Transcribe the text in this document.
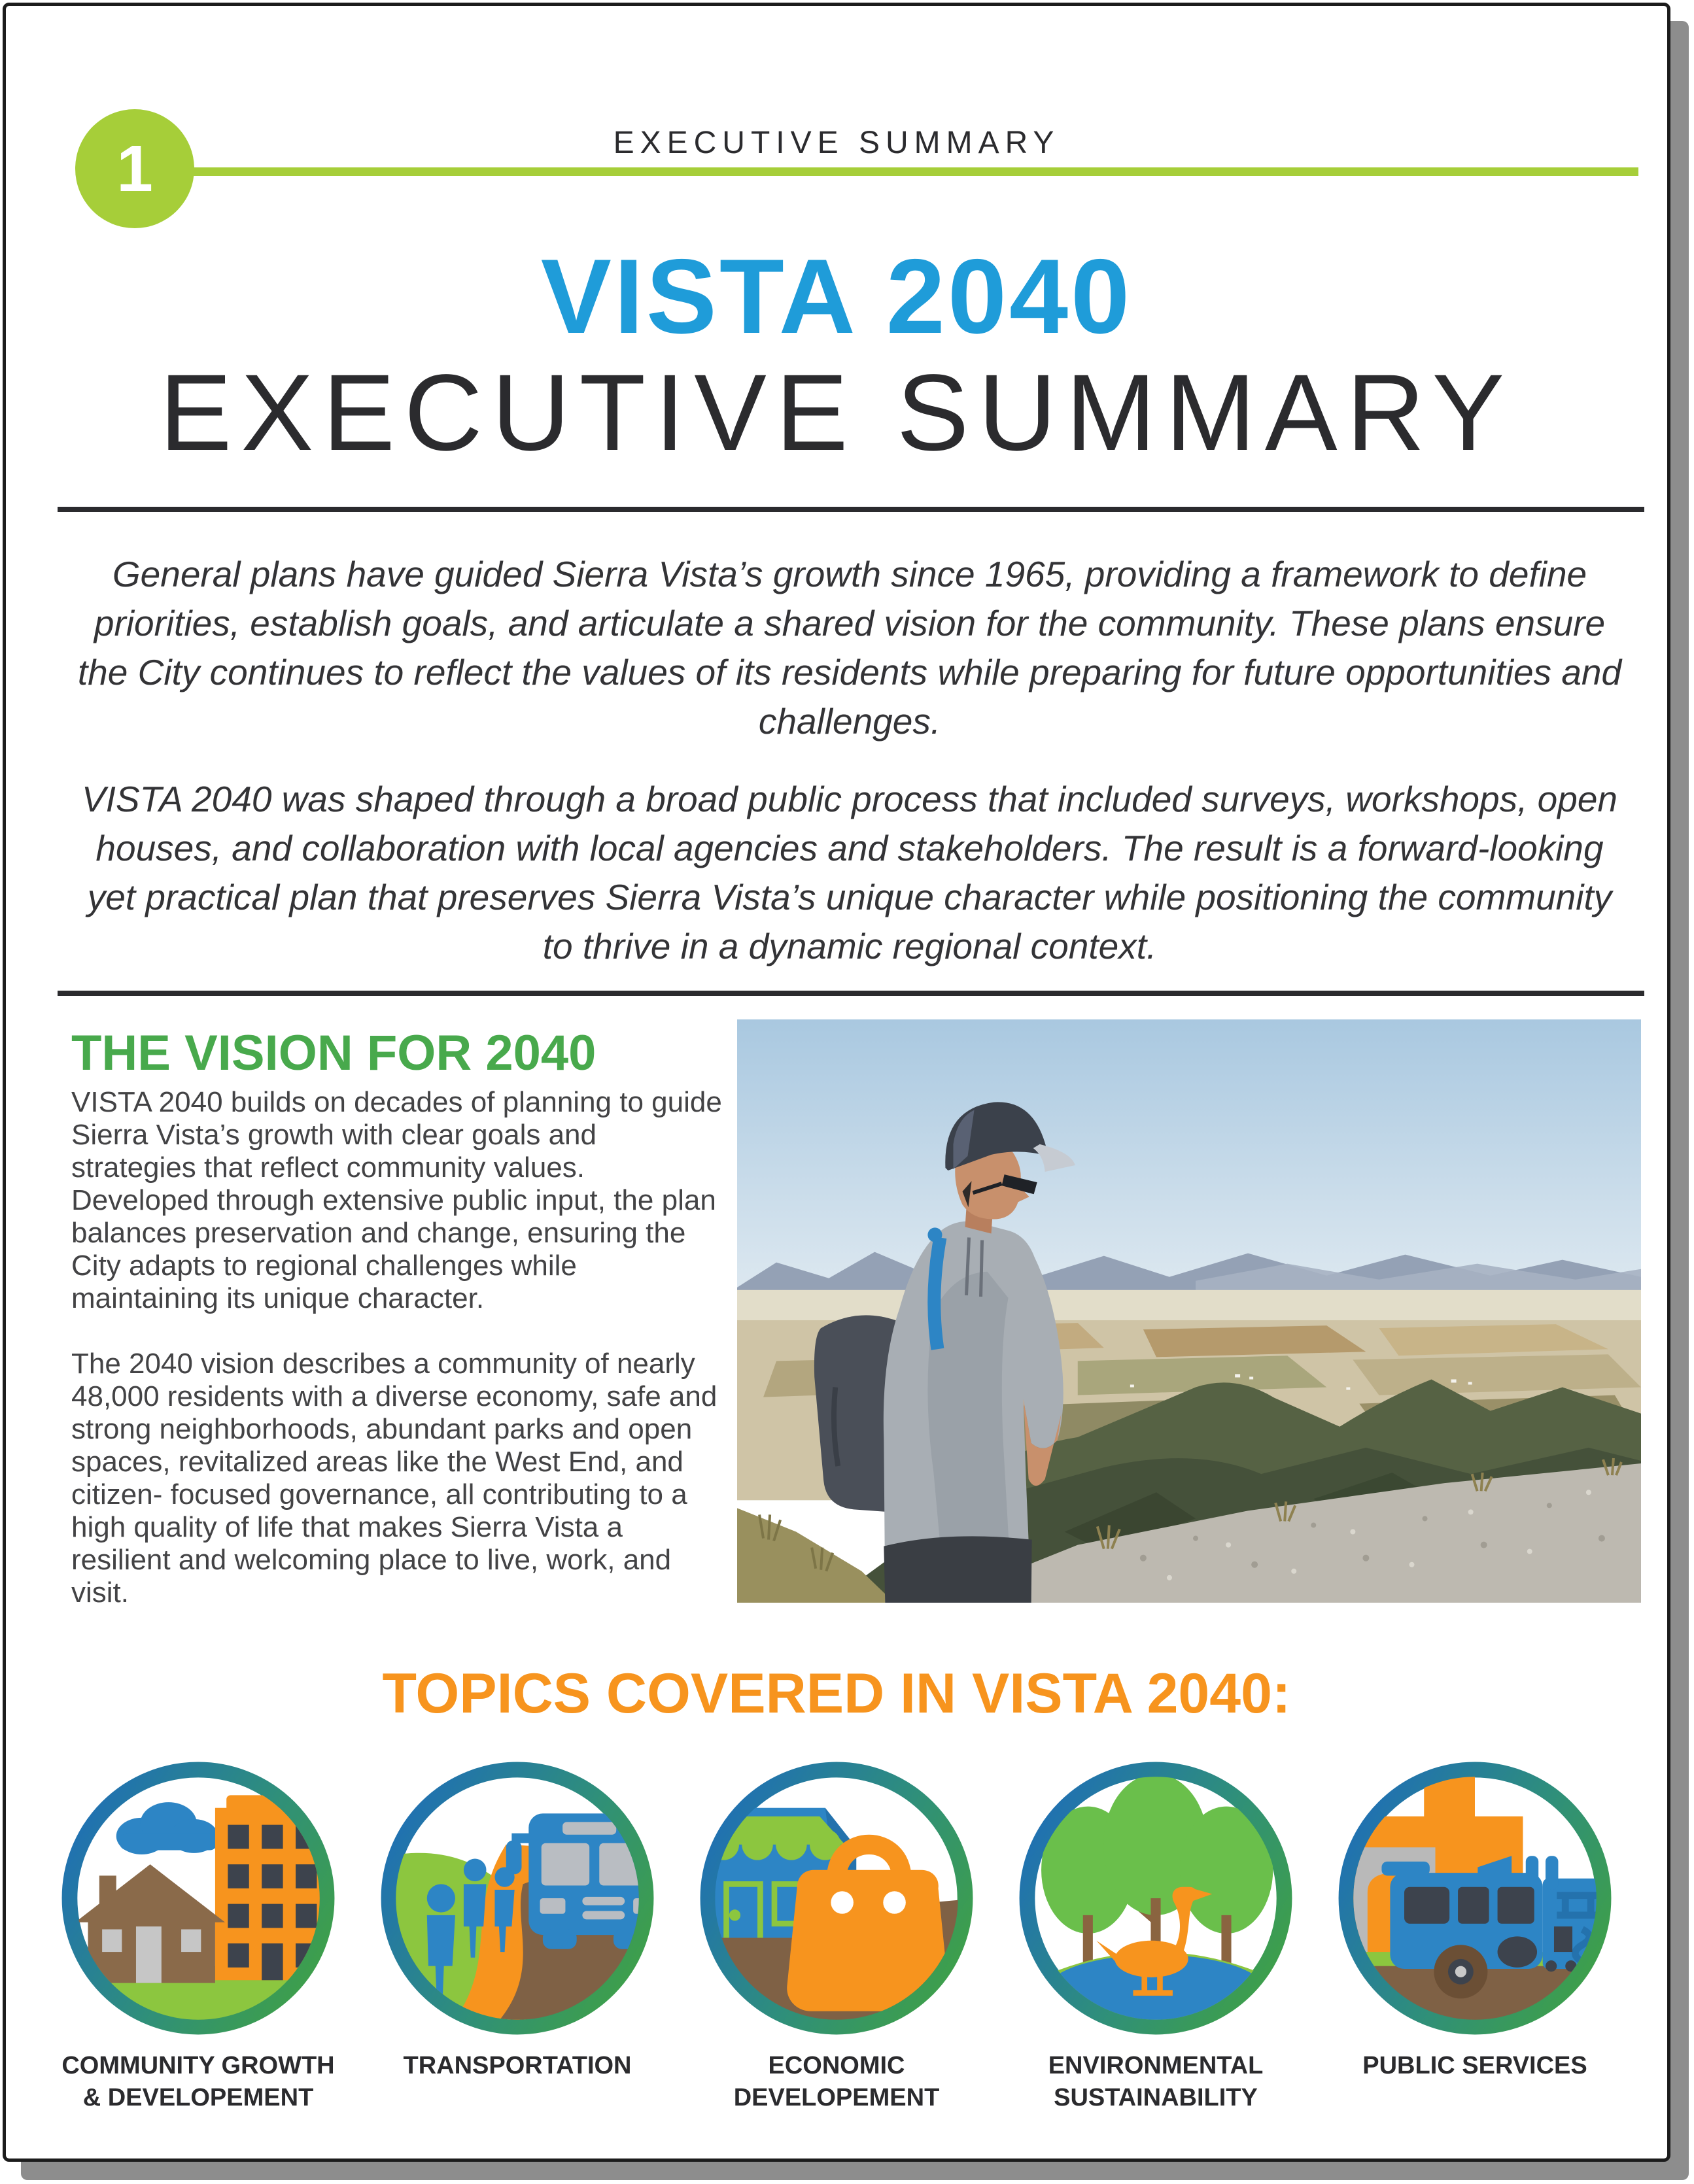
1	EXECUTIVE SUMMARY
VISTA 2040
EXECUTIVE SUMMARY

General plans have guided Sierra Vista’s growth since 1965, providing a framework to define priorities, establish goals, and articulate a shared vision for the community. These plans ensure the City continues to reflect the values of its residents while preparing for future opportunities and challenges.

VISTA 2040 was shaped through a broad public process that included surveys, workshops, open houses, and collaboration with local agencies and stakeholders. The result is a forward-looking yet practical plan that preserves Sierra Vista’s unique character while positioning the community to thrive in a dynamic regional context.

THE VISION FOR 2040

VISTA 2040 builds on decades of planning to guide Sierra Vista’s growth with clear goals and strategies that reflect community values. Developed through extensive public input, the plan balances preservation and change, ensuring the City adapts to regional challenges while maintaining its unique character.

The 2040 vision describes a community of nearly 48,000 residents with a diverse economy, safe and strong neighborhoods, abundant parks and open spaces, revitalized areas like the West End, and citizen- focused governance, all contributing to a high quality of life that makes Sierra Vista a resilient and welcoming place to live, work, and visit.

TOPICS COVERED IN VISTA 2040:
COMMUNITY GROWTH & DEVELOPEMENT
TRANSPORTATION	ECONOMIC DEVELOPEMENT
ENVIRONMENTAL SUSTAINABILITY
PUBLIC SERVICES
